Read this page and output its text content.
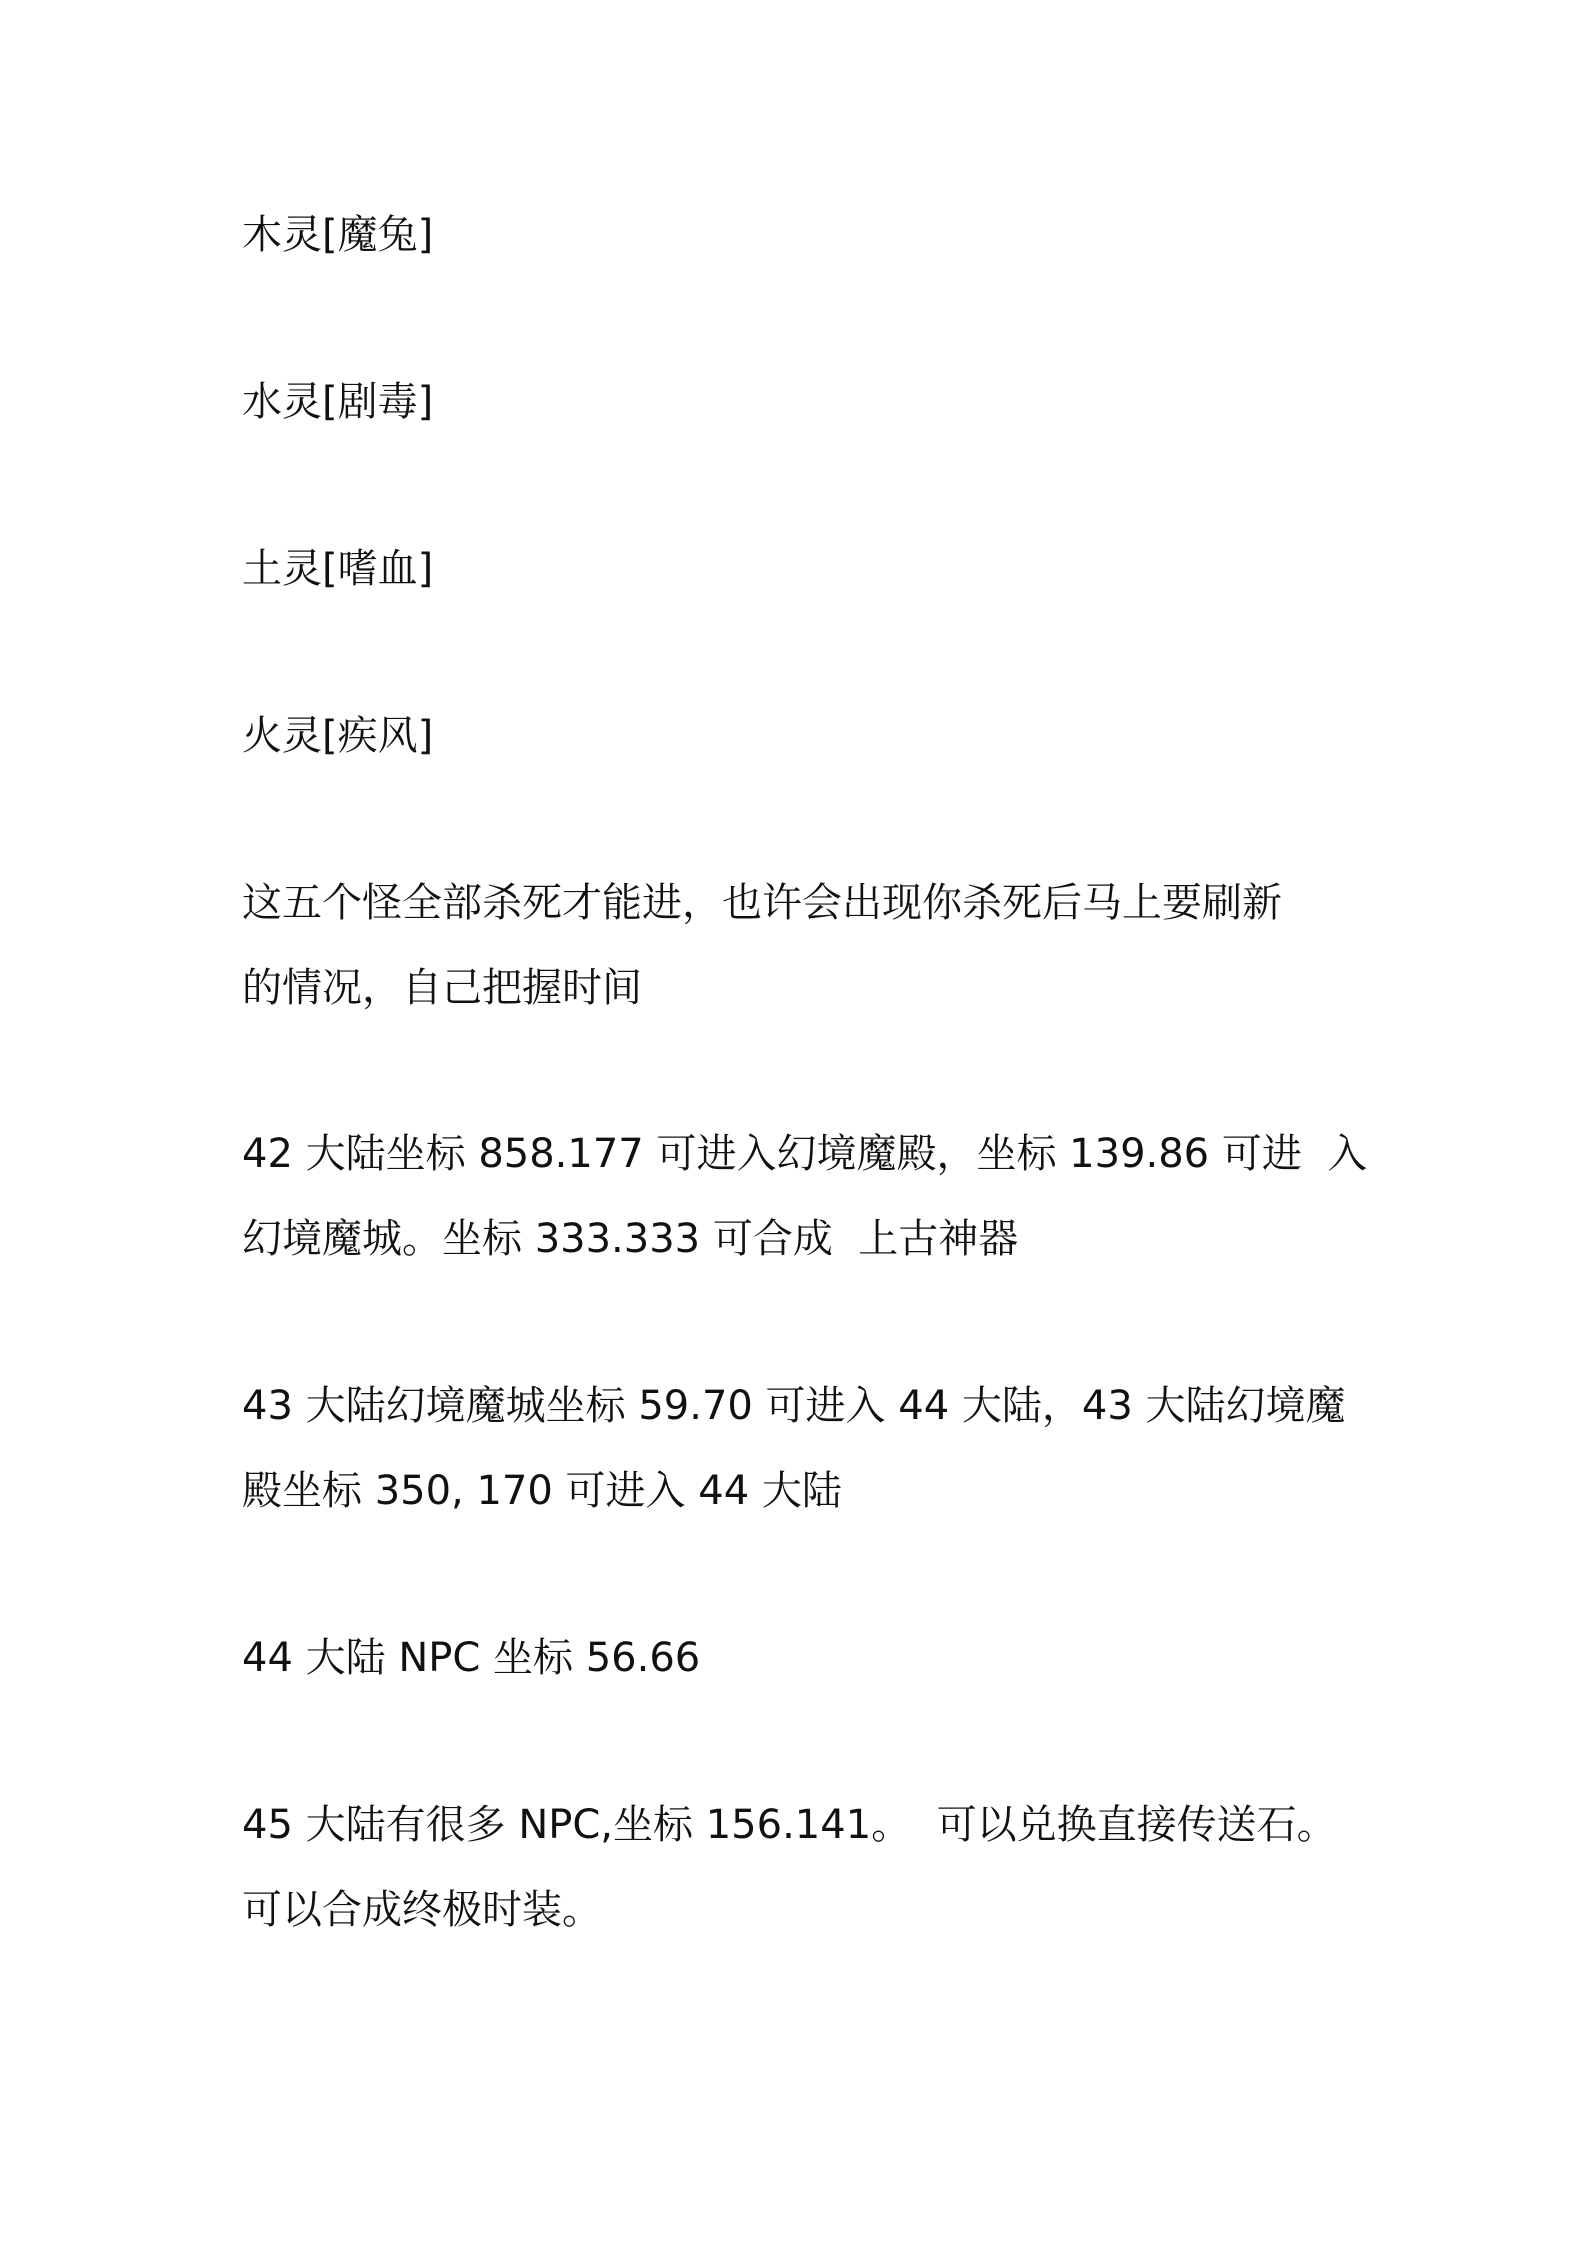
木灵[魔兔]
水灵[剧毒]
土灵[嗜血]
火灵[疾风]
这五个怪全部杀死才能进，也许会出现你杀死后马上要刷新
的情况，自己把握时间
42 大陆坐标 858.177 可进入幻境魔殿，坐标 139.86 可进  入
幻境魔城。坐标 333.333 可合成  上古神器
43 大陆幻境魔城坐标 59.70 可进入 44 大陆，43 大陆幻境魔
殿坐标 350, 170 可进入 44 大陆
44 大陆 NPC 坐标 56.66
45 大陆有很多 NPC,坐标 156.141。  可以兑换直接传送石。
可以合成终极时装。
